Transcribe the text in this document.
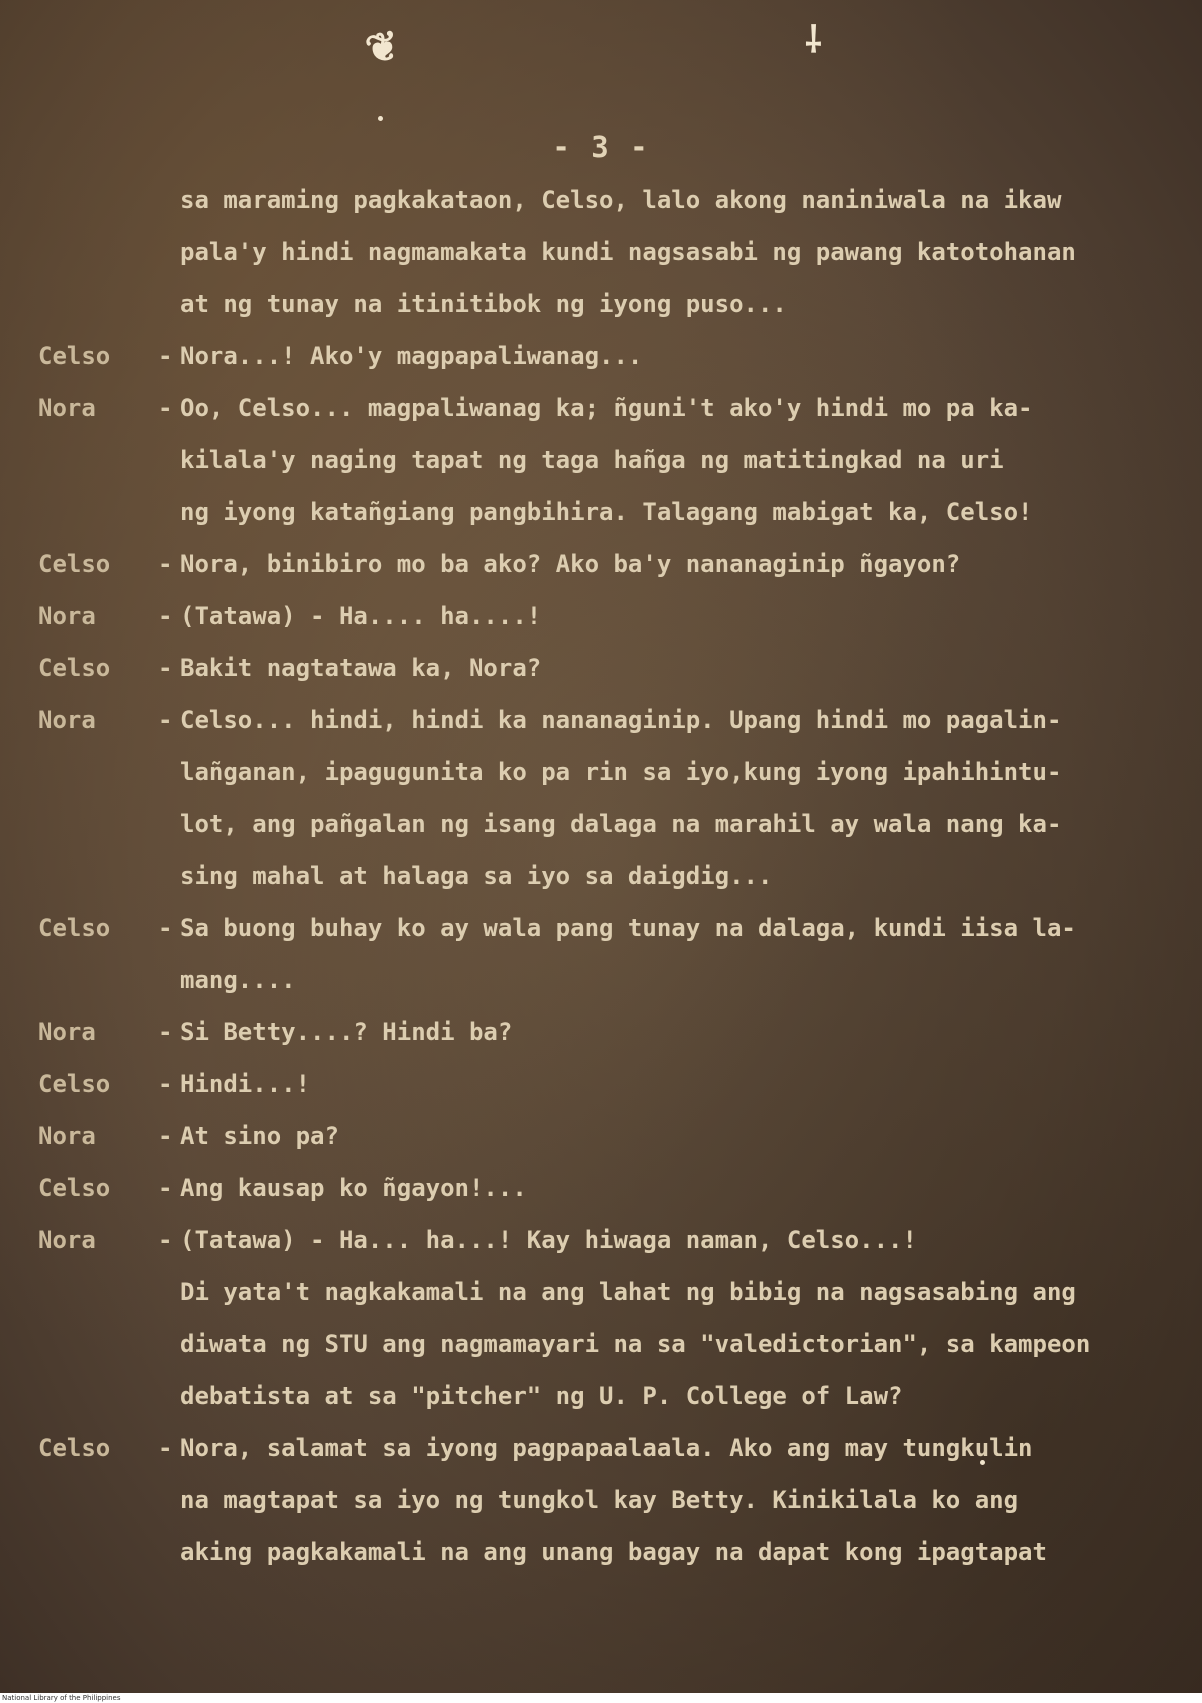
❦	⸸
- 3 -
sa maraming pagkakataon, Celso, lalo akong naniniwala na ikaw
pala'y hindi nagmamakata kundi nagsasabi ng pawang katotohanan
at ng tunay na itinitibok ng iyong puso...
Celso	- Nora...! Ako'y magpapaliwanag...
Nora	- Oo, Celso... magpaliwanag ka; ñguni't ako'y hindi mo pa ka-
kilala'y naging tapat ng taga hañga ng matitingkad na uri
ng iyong katañgiang pangbihira. Talagang mabigat ka, Celso!
Celso	- Nora, binibiro mo ba ako? Ako ba'y nananaginip ñgayon?
Nora	- (Tatawa) - Ha.... ha....!
Celso	- Bakit nagtatawa ka, Nora?
Nora	- Celso... hindi, hindi ka nananaginip. Upang hindi mo pagalin-
lañganan, ipagugunita ko pa rin sa iyo,kung iyong ipahihintu-
lot, ang pañgalan ng isang dalaga na marahil ay wala nang ka-
sing mahal at halaga sa iyo sa daigdig...
Celso	- Sa buong buhay ko ay wala pang tunay na dalaga, kundi iisa la-
mang....
Nora	- Si Betty....? Hindi ba?
Celso	- Hindi...!
Nora	- At sino pa?
Celso	- Ang kausap ko ñgayon!...
Nora	- (Tatawa) - Ha... ha...! Kay hiwaga naman, Celso...!
Di yata't nagkakamali na ang lahat ng bibig na nagsasabing ang
diwata ng STU ang nagmamayari na sa "valedictorian", sa kampeon
debatista at sa "pitcher" ng U. P. College of Law?
Celso	- Nora, salamat sa iyong pagpapaalaala. Ako ang may tungkulin
na magtapat sa iyo ng tungkol kay Betty. Kinikilala ko ang
aking pagkakamali na ang unang bagay na dapat kong ipagtapat
National Library of the Philippines
